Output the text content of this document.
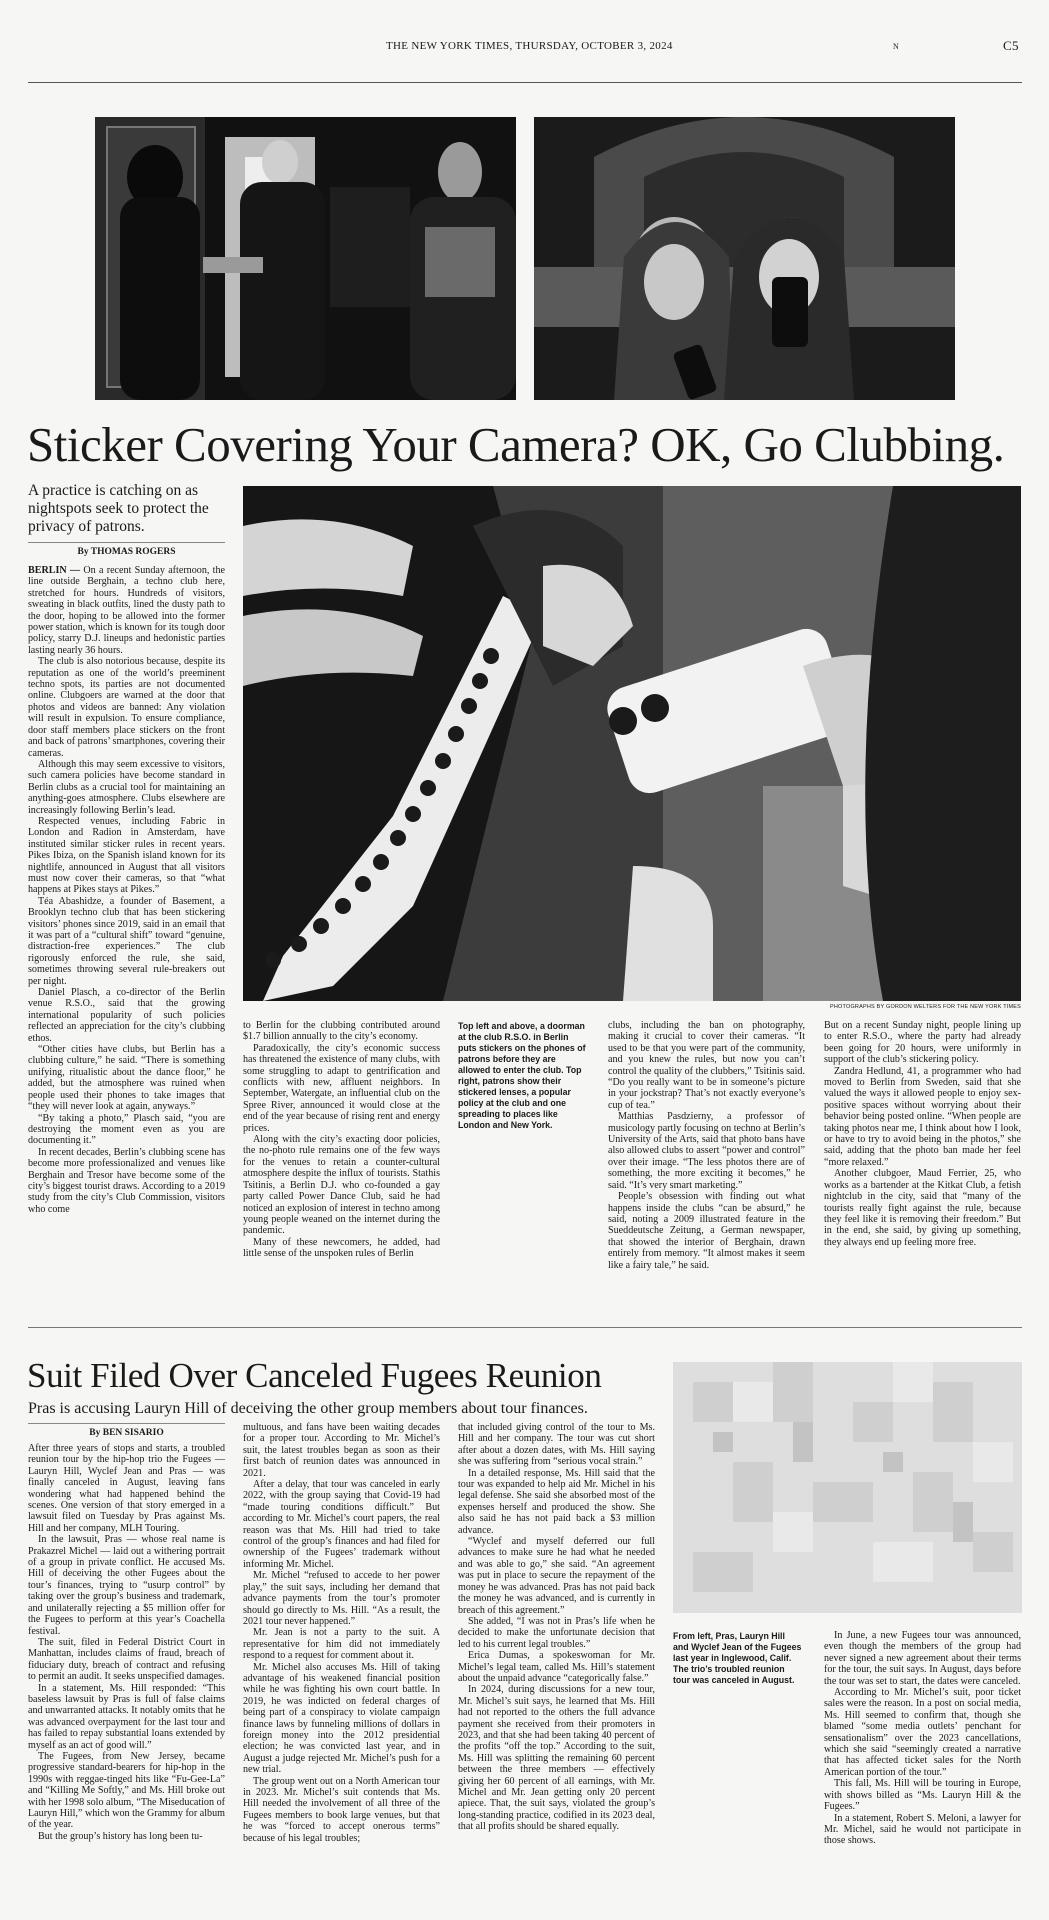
THE NEW YORK TIMES, THURSDAY, OCTOBER 3, 2024	N	C5
Sticker Covering Your Camera? OK, Go Clubbing.
A practice is catching on as nightspots seek to protect the privacy of patrons.
By THOMAS ROGERS
PHOTOGRAPHS BY GORDON WELTERS FOR THE NEW YORK TIMES

BERLIN — On a recent Sunday afternoon, the line outside Berghain, a techno club here, stretched for hours. Hundreds of visitors, sweating in black outfits, lined the dusty path to the door, hoping to be allowed into the former power station, which is known for its tough door policy, starry D.J. lineups and hedonistic parties lasting nearly 36 hours.

The club is also notorious because, despite its reputation as one of the world’s preeminent techno spots, its parties are not documented online. Clubgoers are warned at the door that photos and videos are banned: Any violation will result in expulsion. To ensure compliance, door staff members place stickers on the front and back of patrons’ smartphones, covering their cameras.

Although this may seem excessive to visitors, such camera policies have become standard in Berlin clubs as a crucial tool for maintaining an anything-goes atmosphere. Clubs elsewhere are increasingly following Berlin’s lead.

Respected venues, including Fabric in London and Radion in Amsterdam, have instituted similar sticker rules in recent years. Pikes Ibiza, on the Spanish island known for its nightlife, announced in August that all visitors must now cover their cameras, so that “what happens at Pikes stays at Pikes.”

Téa Abashidze, a founder of Basement, a Brooklyn techno club that has been stickering visitors’ phones since 2019, said in an email that it was part of a “cultural shift” toward “genuine, distraction-free experiences.” The club rigorously enforced the rule, she said, sometimes throwing several rule-breakers out per night.

Daniel Plasch, a co-director of the Berlin venue R.S.O., said that the growing international popularity of such policies reflected an appreciation for the city’s clubbing ethos.

“Other cities have clubs, but Berlin has a clubbing culture,” he said. “There is something unifying, ritualistic about the dance floor,” he added, but the atmosphere was ruined when people used their phones to take images that “they will never look at again, anyways.”

“By taking a photo,” Plasch said, “you are destroying the moment even as you are documenting it.”

In recent decades, Berlin’s clubbing scene has become more professionalized and venues like Berghain and Tresor have become some of the city’s biggest tourist draws. According to a 2019 study from the city’s Club Commission, visitors who come

to Berlin for the clubbing contributed around $1.7 billion annually to the city’s economy.

Paradoxically, the city’s economic success has threatened the existence of many clubs, with some struggling to adapt to gentrification and conflicts with new, affluent neighbors. In September, Watergate, an influential club on the Spree River, announced it would close at the end of the year because of rising rent and energy prices.

Along with the city’s exacting door policies, the no-photo rule remains one of the few ways for the venues to retain a counter-cultural atmosphere despite the influx of tourists. Stathis Tsitinis, a Berlin D.J. who co-founded a gay party called Power Dance Club, said he had noticed an explosion of interest in techno among young people weaned on the internet during the pandemic.

Many of these newcomers, he added, had little sense of the unspoken rules of Berlin

Top left and above, a doorman at the club R.S.O. in Berlin puts stickers on the phones of patrons before they are allowed to enter the club. Top right, patrons show their stickered lenses, a popular policy at the club and one spreading to places like London and New York.

clubs, including the ban on photography, making it crucial to cover their cameras. “It used to be that you were part of the community, and you knew the rules, but now you can’t control the quality of the clubbers,” Tsitinis said. “Do you really want to be in someone’s picture in your jockstrap? That’s not exactly everyone’s cup of tea.”

Matthias Pasdzierny, a professor of musicology partly focusing on techno at Berlin’s University of the Arts, said that photo bans have also allowed clubs to assert “power and control” over their image. “The less photos there are of something, the more exciting it becomes,” he said. “It’s very smart marketing.”

People’s obsession with finding out what happens inside the clubs “can be absurd,” he said, noting a 2009 illustrated feature in the Sueddeutsche Zeitung, a German newspaper, that showed the interior of Berghain, drawn entirely from memory. “It almost makes it seem like a fairy tale,” he said.

But on a recent Sunday night, people lining up to enter R.S.O., where the party had already been going for 20 hours, were uniformly in support of the club’s stickering policy.

Zandra Hedlund, 41, a programmer who had moved to Berlin from Sweden, said that she valued the ways it allowed people to enjoy sex-positive spaces without worrying about their behavior being posted online. “When people are taking photos near me, I think about how I look, or have to try to avoid being in the photos,” she said, adding that the photo ban made her feel “more relaxed.”

Another clubgoer, Maud Ferrier, 25, who works as a bartender at the Kitkat Club, a fetish nightclub in the city, said that “many of the tourists really fight against the rule, because they feel like it is removing their freedom.” But in the end, she said, by giving up something, they always end up feeling more free.

Suit Filed Over Canceled Fugees Reunion
Pras is accusing Lauryn Hill of deceiving the other group members about tour finances.
By BEN SISARIO

After three years of stops and starts, a troubled reunion tour by the hip-hop trio the Fugees — Lauryn Hill, Wyclef Jean and Pras — was finally canceled in August, leaving fans wondering what had happened behind the scenes. One version of that story emerged in a lawsuit filed on Tuesday by Pras against Ms. Hill and her company, MLH Touring.

In the lawsuit, Pras — whose real name is Prakazrel Michel — laid out a withering portrait of a group in private conflict. He accused Ms. Hill of deceiving the other Fugees about the tour’s finances, trying to “usurp control” by taking over the group’s business and trademark, and unilaterally rejecting a $5 million offer for the Fugees to perform at this year’s Coachella festival.

The suit, filed in Federal District Court in Manhattan, includes claims of fraud, breach of fiduciary duty, breach of contract and refusing to permit an audit. It seeks unspecified damages.

In a statement, Ms. Hill responded: “This baseless lawsuit by Pras is full of false claims and unwarranted attacks. It notably omits that he was advanced overpayment for the last tour and has failed to repay substantial loans extended by myself as an act of good will.”

The Fugees, from New Jersey, became progressive standard-bearers for hip-hop in the 1990s with reggae-tinged hits like “Fu-Gee-La” and “Killing Me Softly,” and Ms. Hill broke out with her 1998 solo album, “The Miseducation of Lauryn Hill,” which won the Grammy for album of the year.

But the group’s history has long been tu-

multuous, and fans have been waiting decades for a proper tour. According to Mr. Michel’s suit, the latest troubles began as soon as their first batch of reunion dates was announced in 2021.

After a delay, that tour was canceled in early 2022, with the group saying that Covid-19 had “made touring conditions difficult.” But according to Mr. Michel’s court papers, the real reason was that Ms. Hill had tried to take control of the group’s finances and had filed for ownership of the Fugees’ trademark without informing Mr. Michel.

Mr. Michel “refused to accede to her power play,” the suit says, including her demand that advance payments from the tour’s promoter should go directly to Ms. Hill. “As a result, the 2021 tour never happened.”

Mr. Jean is not a party to the suit. A representative for him did not immediately respond to a request for comment about it.

Mr. Michel also accuses Ms. Hill of taking advantage of his weakened financial position while he was fighting his own court battle. In 2019, he was indicted on federal charges of being part of a conspiracy to violate campaign finance laws by funneling millions of dollars in foreign money into the 2012 presidential election; he was convicted last year, and in August a judge rejected Mr. Michel’s push for a new trial.

The group went out on a North American tour in 2023. Mr. Michel’s suit contends that Ms. Hill needed the involvement of all three of the Fugees members to book large venues, but that he was “forced to accept onerous terms” because of his legal troubles;

that included giving control of the tour to Ms. Hill and her company. The tour was cut short after about a dozen dates, with Ms. Hill saying she was suffering from “serious vocal strain.”

In a detailed response, Ms. Hill said that the tour was expanded to help aid Mr. Michel in his legal defense. She said she absorbed most of the expenses herself and produced the show. She also said he has not paid back a $3 million advance.

“Wyclef and myself deferred our full advances to make sure he had what he needed and was able to go,” she said. “An agreement was put in place to secure the repayment of the money he was advanced. Pras has not paid back the money he was advanced, and is currently in breach of this agreement.”

She added, “I was not in Pras’s life when he decided to make the unfortunate decision that led to his current legal troubles.”

Erica Dumas, a spokeswoman for Mr. Michel’s legal team, called Ms. Hill’s statement about the unpaid advance “categorically false.”

In 2024, during discussions for a new tour, Mr. Michel’s suit says, he learned that Ms. Hill had not reported to the others the full advance payment she received from their promoters in 2023, and that she had been taking 40 percent of the profits “off the top.” According to the suit, Ms. Hill was splitting the remaining 60 percent between the three members — effectively giving her 60 percent of all earnings, with Mr. Michel and Mr. Jean getting only 20 percent apiece. That, the suit says, violated the group’s long-standing practice, codified in its 2023 deal, that all profits should be shared equally.

From left, Pras, Lauryn Hill and Wyclef Jean of the Fugees last year in Inglewood, Calif. The trio’s troubled reunion tour was canceled in August.

In June, a new Fugees tour was announced, even though the members of the group had never signed a new agreement about their terms for the tour, the suit says. In August, days before the tour was set to start, the dates were canceled.

According to Mr. Michel’s suit, poor ticket sales were the reason. In a post on social media, Ms. Hill seemed to confirm that, though she blamed “some media outlets’ penchant for sensationalism” over the 2023 cancellations, which she said “seemingly created a narrative that has affected ticket sales for the North American portion of the tour.”

This fall, Ms. Hill will be touring in Europe, with shows billed as “Ms. Lauryn Hill & the Fugees.”

In a statement, Robert S. Meloni, a lawyer for Mr. Michel, said he would not participate in those shows.
